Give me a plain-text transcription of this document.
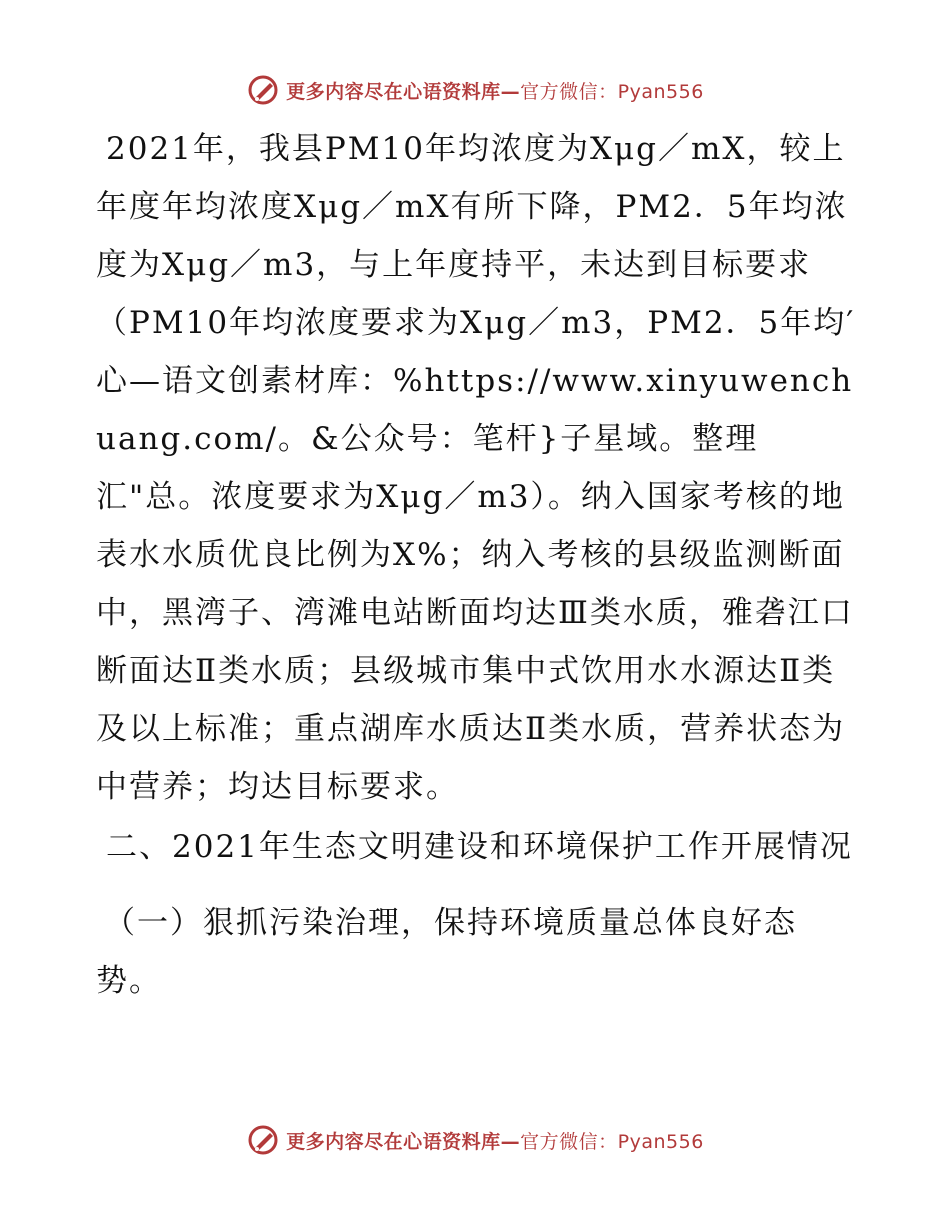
更多内容尽在心语资料库—官方微信：Pyan556

2021年，我县PM10年均浓度为Xμg／mX，较上年度年均浓度Xμg／mX有所下降，PM2．5年均浓度为Xμg／m3，与上年度持平，未达到目标要求（PM10年均浓度要求为Xμg／m3，PM2．5年均′心—语文创素材库：%https://www.xinyuwenchuang.com/。&公众号：笔杆}子星域。整理汇"总。浓度要求为Xμg／m3）。纳入国家考核的地表水水质优良比例为X%；纳入考核的县级监测断面中，黑湾子、湾滩电站断面均达Ⅲ类水质，雅砻江口断面达Ⅱ类水质；县级城市集中式饮用水水源达Ⅱ类及以上标准；重点湖库水质达Ⅱ类水质，营养状态为中营养；均达目标要求。

二、2021年生态文明建设和环境保护工作开展情况

（一）狠抓污染治理，保持环境质量总体良好态势。

更多内容尽在心语资料库—官方微信：Pyan556
